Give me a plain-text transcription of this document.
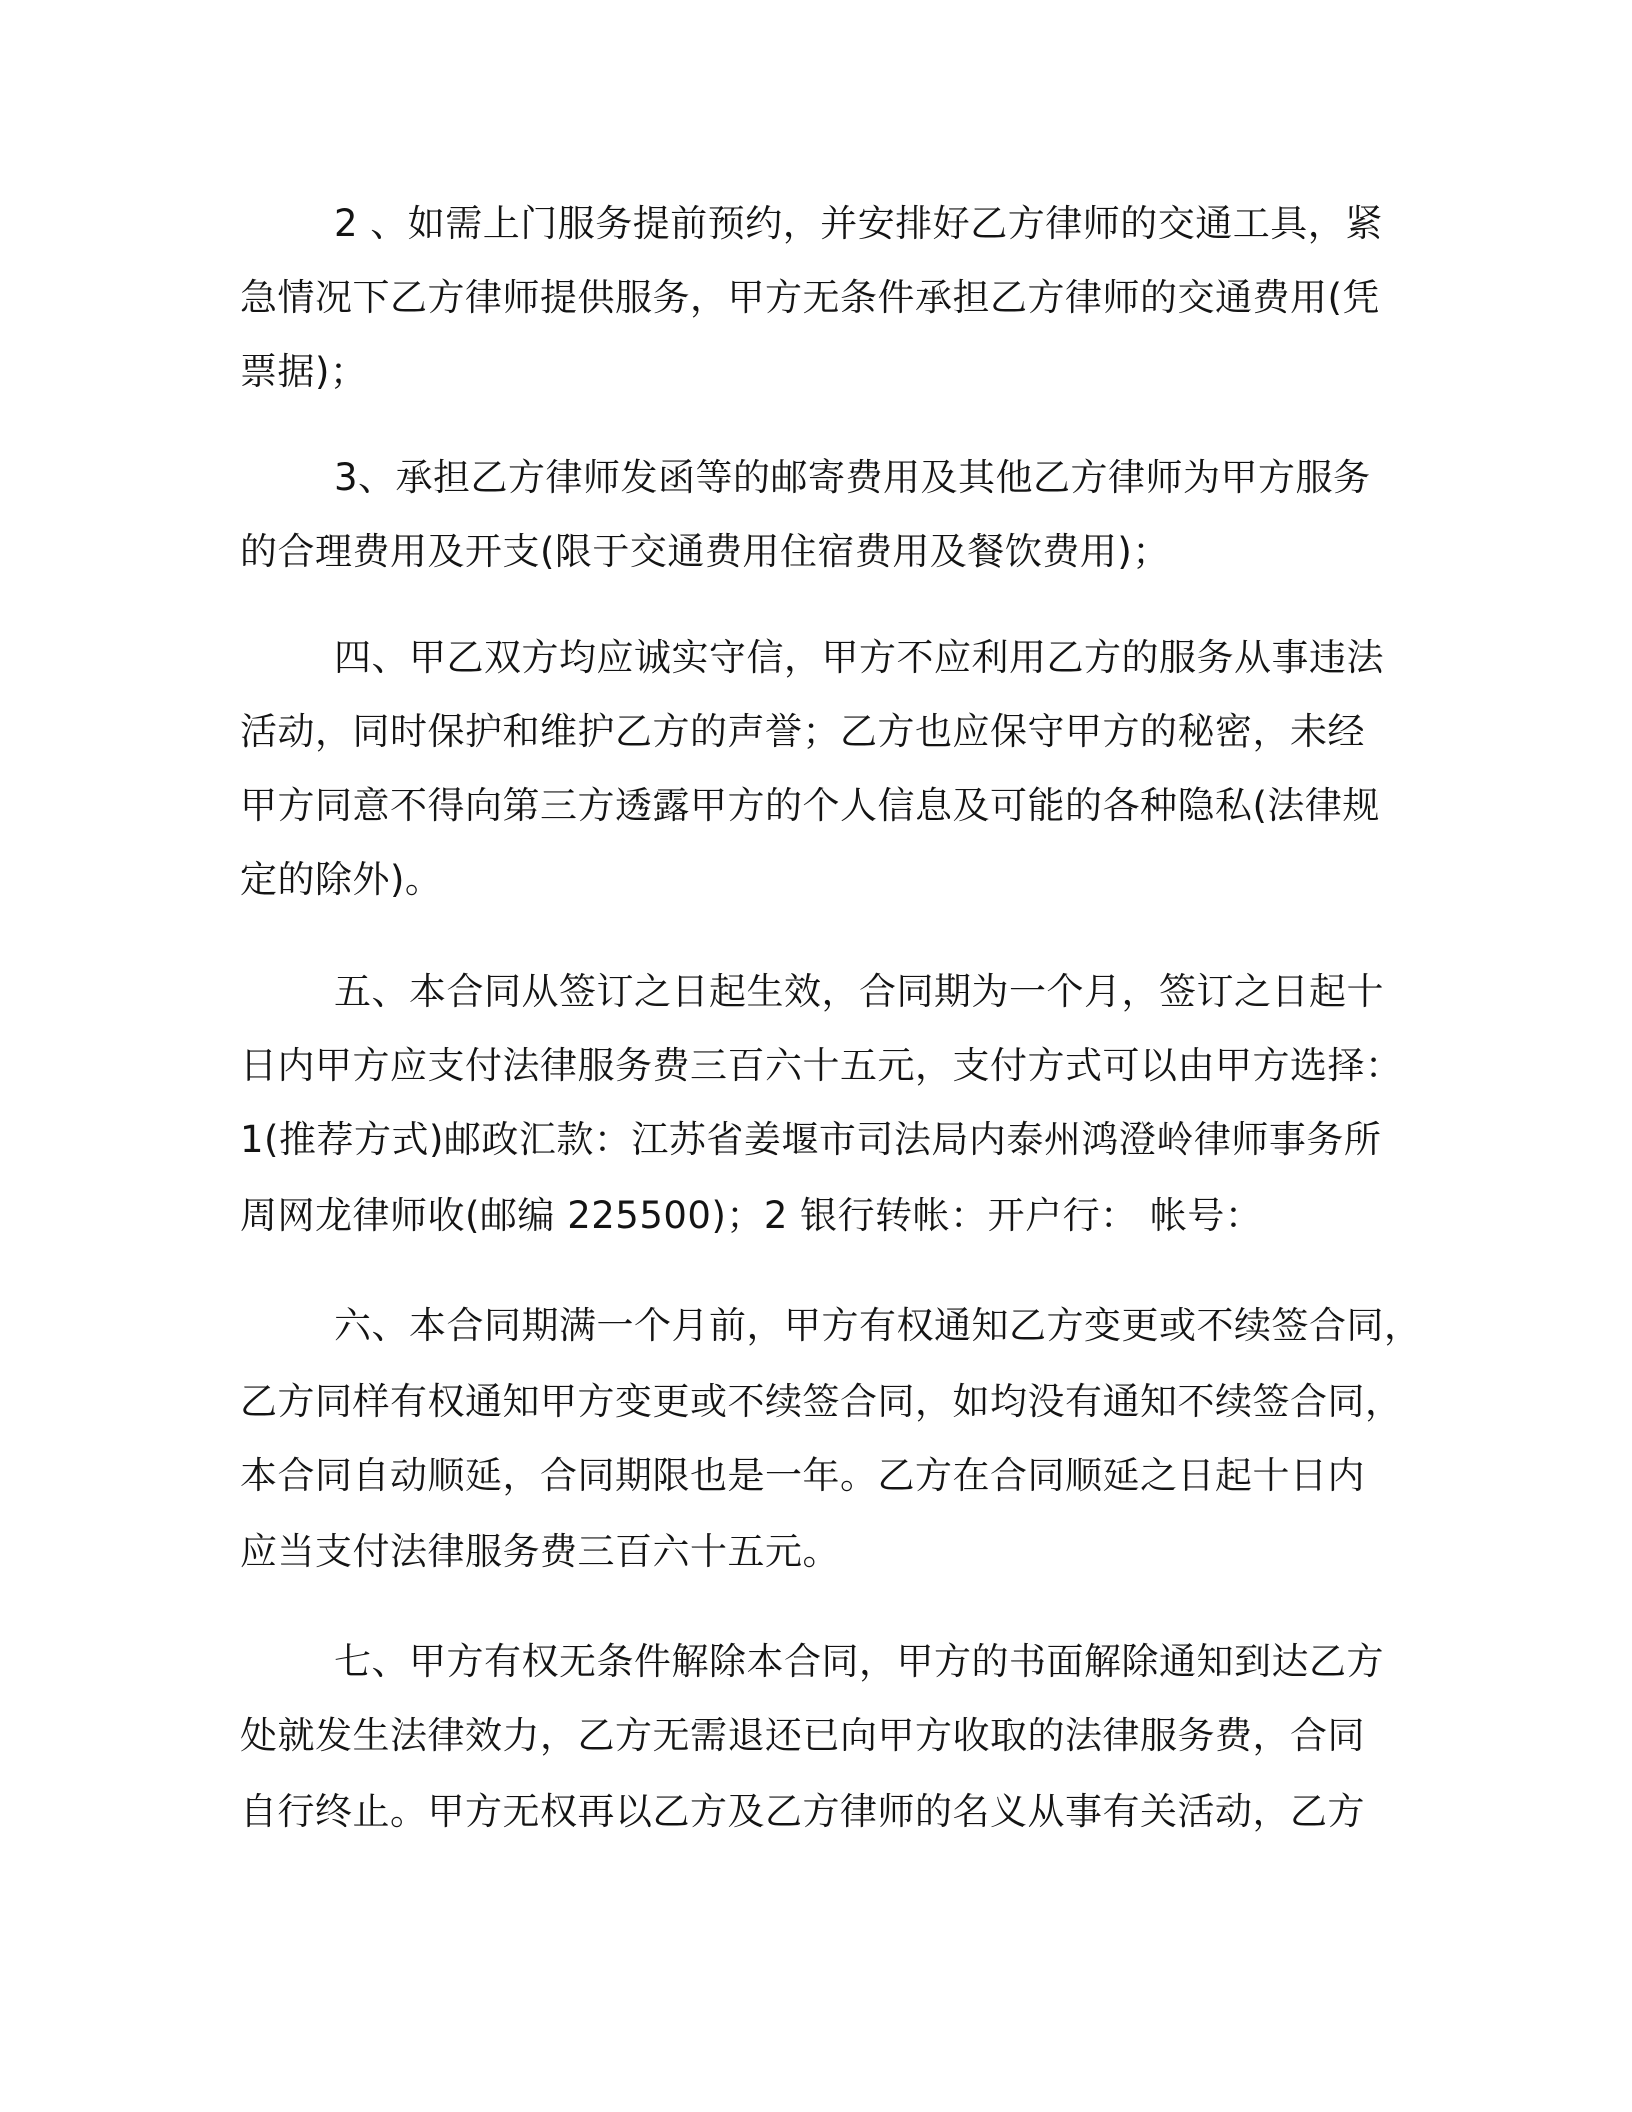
2 、如需上门服务提前预约，并安排好乙方律师的交通工具，紧

急情况下乙方律师提供服务，甲方无条件承担乙方律师的交通费用(凭

票据)；

3、承担乙方律师发函等的邮寄费用及其他乙方律师为甲方服务

的合理费用及开支(限于交通费用住宿费用及餐饮费用)；

四、甲乙双方均应诚实守信，甲方不应利用乙方的服务从事违法

活动，同时保护和维护乙方的声誉；乙方也应保守甲方的秘密，未经

甲方同意不得向第三方透露甲方的个人信息及可能的各种隐私(法律规

定的除外)。

五、本合同从签订之日起生效，合同期为一个月，签订之日起十

日内甲方应支付法律服务费三百六十五元，支付方式可以由甲方选择：

1(推荐方式)邮政汇款：江苏省姜堰市司法局内泰州鸿澄岭律师事务所

周网龙律师收(邮编 225500)；2 银行转帐：开户行： 帐号：

六、本合同期满一个月前，甲方有权通知乙方变更或不续签合同，

乙方同样有权通知甲方变更或不续签合同，如均没有通知不续签合同，

本合同自动顺延，合同期限也是一年。乙方在合同顺延之日起十日内

应当支付法律服务费三百六十五元。

七、甲方有权无条件解除本合同，甲方的书面解除通知到达乙方

处就发生法律效力，乙方无需退还已向甲方收取的法律服务费，合同

自行终止。甲方无权再以乙方及乙方律师的名义从事有关活动，乙方
